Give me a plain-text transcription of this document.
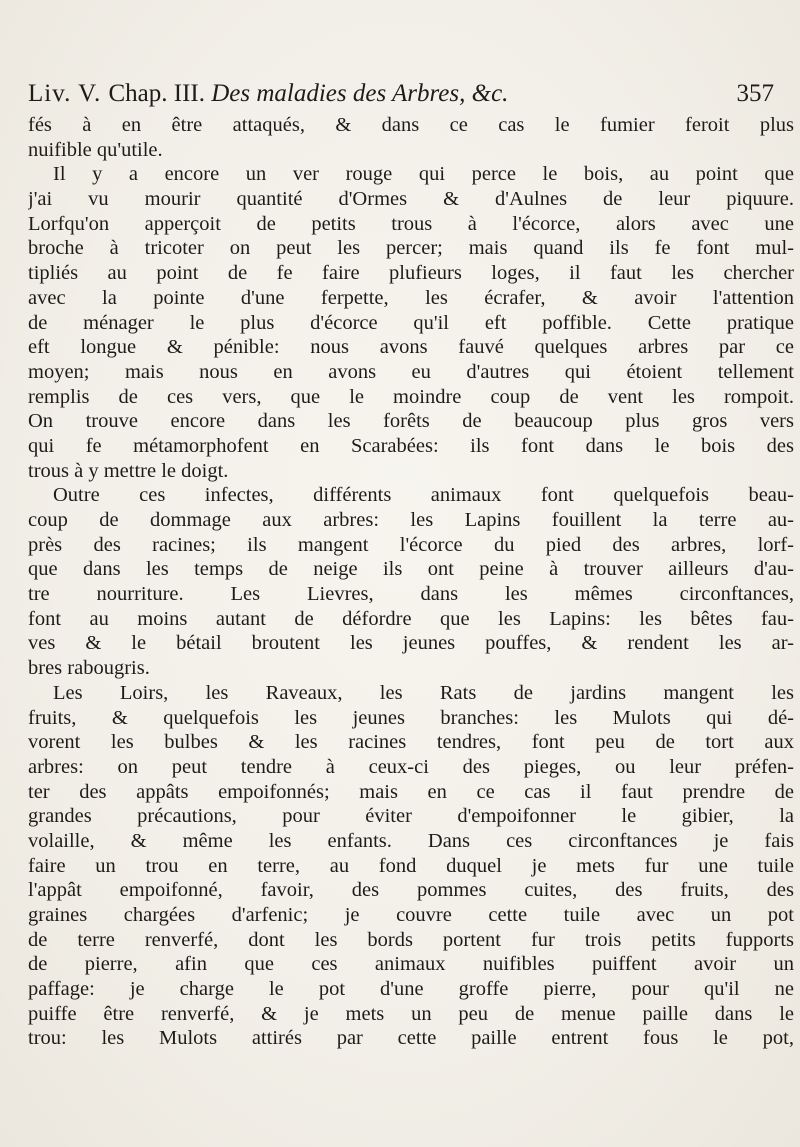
Liv. V. Chap. III. Des maladies des Arbres, &c.	357
fés à en être attaqués, & dans ce cas le fumier feroit plus
nuifible qu'utile.
Il y a encore un ver rouge qui perce le bois, au point que
j'ai vu mourir quantité d'Ormes & d'Aulnes de leur piquure.
Lorfqu'on apperçoit de petits trous à l'écorce, alors avec une
broche à tricoter on peut les percer; mais quand ils fe font mul-
tipliés au point de fe faire plufieurs loges, il faut les chercher
avec la pointe d'une ferpette, les écrafer, & avoir l'attention
de ménager le plus d'écorce qu'il eft poffible. Cette pratique
eft longue & pénible: nous avons fauvé quelques arbres par ce
moyen; mais nous en avons eu d'autres qui étoient tellement
remplis de ces vers, que le moindre coup de vent les rompoit.
On trouve encore dans les forêts de beaucoup plus gros vers
qui fe métamorphofent en Scarabées: ils font dans le bois des
trous à y mettre le doigt.
Outre ces infectes, différents animaux font quelquefois beau-
coup de dommage aux arbres: les Lapins fouillent la terre au-
près des racines; ils mangent l'écorce du pied des arbres, lorf-
que dans les temps de neige ils ont peine à trouver ailleurs d'au-
tre nourriture. Les Lievres, dans les mêmes circonftances,
font au moins autant de défordre que les Lapins: les bêtes fau-
ves & le bétail broutent les jeunes pouffes, & rendent les ar-
bres rabougris.
Les Loirs, les Raveaux, les Rats de jardins mangent les
fruits, & quelquefois les jeunes branches: les Mulots qui dé-
vorent les bulbes & les racines tendres, font peu de tort aux
arbres: on peut tendre à ceux-ci des pieges, ou leur préfen-
ter des appâts empoifonnés; mais en ce cas il faut prendre de
grandes précautions, pour éviter d'empoifonner le gibier, la
volaille, & même les enfants. Dans ces circonftances je fais
faire un trou en terre, au fond duquel je mets fur une tuile
l'appât empoifonné, favoir, des pommes cuites, des fruits, des
graines chargées d'arfenic; je couvre cette tuile avec un pot
de terre renverfé, dont les bords portent fur trois petits fupports
de pierre, afin que ces animaux nuifibles puiffent avoir un
paffage: je charge le pot d'une groffe pierre, pour qu'il ne
puiffe être renverfé, & je mets un peu de menue paille dans le
trou: les Mulots attirés par cette paille entrent fous le pot,
